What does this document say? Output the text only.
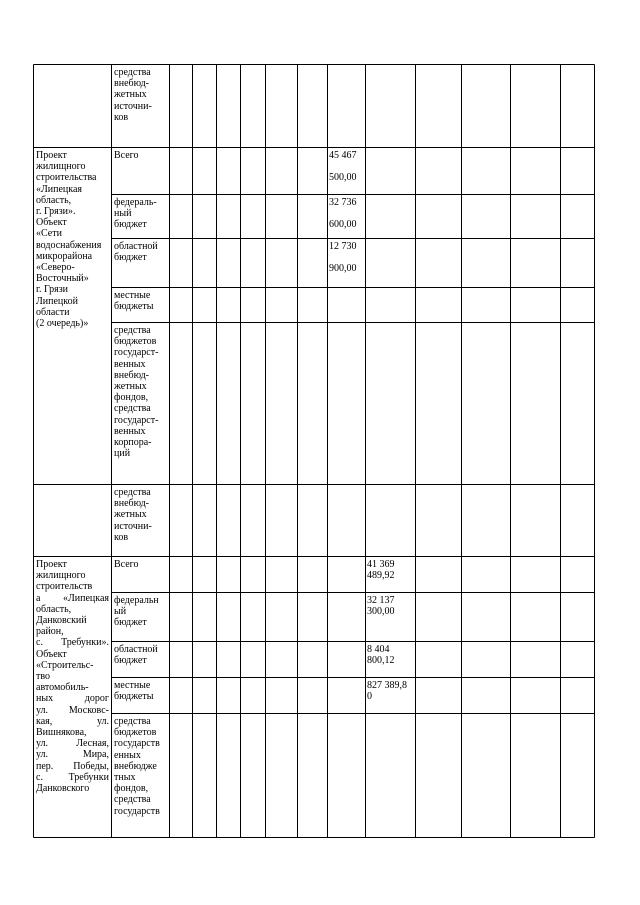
средства
внебюд-
жетных
источни-
ков
Проект
жилищного
строительства
«Липецкая
область,
г. Грязи».
Объект
«Сети
водоснабжения
микрорайона
«Северо-
Восточный»
г. Грязи
Липецкой
области
(2 очередь)»
Всего	45 467

500,00
федераль-
ный
бюджет
32 736

600,00
областной
бюджет
12 730

900,00
местные
бюджеты
средства
бюджетов
государст-
венных
внебюд-
жетных
фондов,
средства
государст-
венных
корпора-
ций
средства
внебюд-
жетных
источни-
ков
Проект
жилищного
строительств
а «Липецкая
область,
Данковский
район,
с. Требунки».
Объект
«Строительс-
тво
автомобиль-
ных дорог
ул. Московс-
кая, ул.
Вишнякова,
ул. Лесная,
ул. Мира,
пер. Победы,
с. Требунки
Данковского
Всего	41 369
489,92
федеральн
ый
бюджет
32 137
300,00
областной
бюджет
8 404
800,12
местные
бюджеты
827 389,8
0
средства
бюджетов
государств
енных
внебюдже
тных
фондов,
средства
государств
